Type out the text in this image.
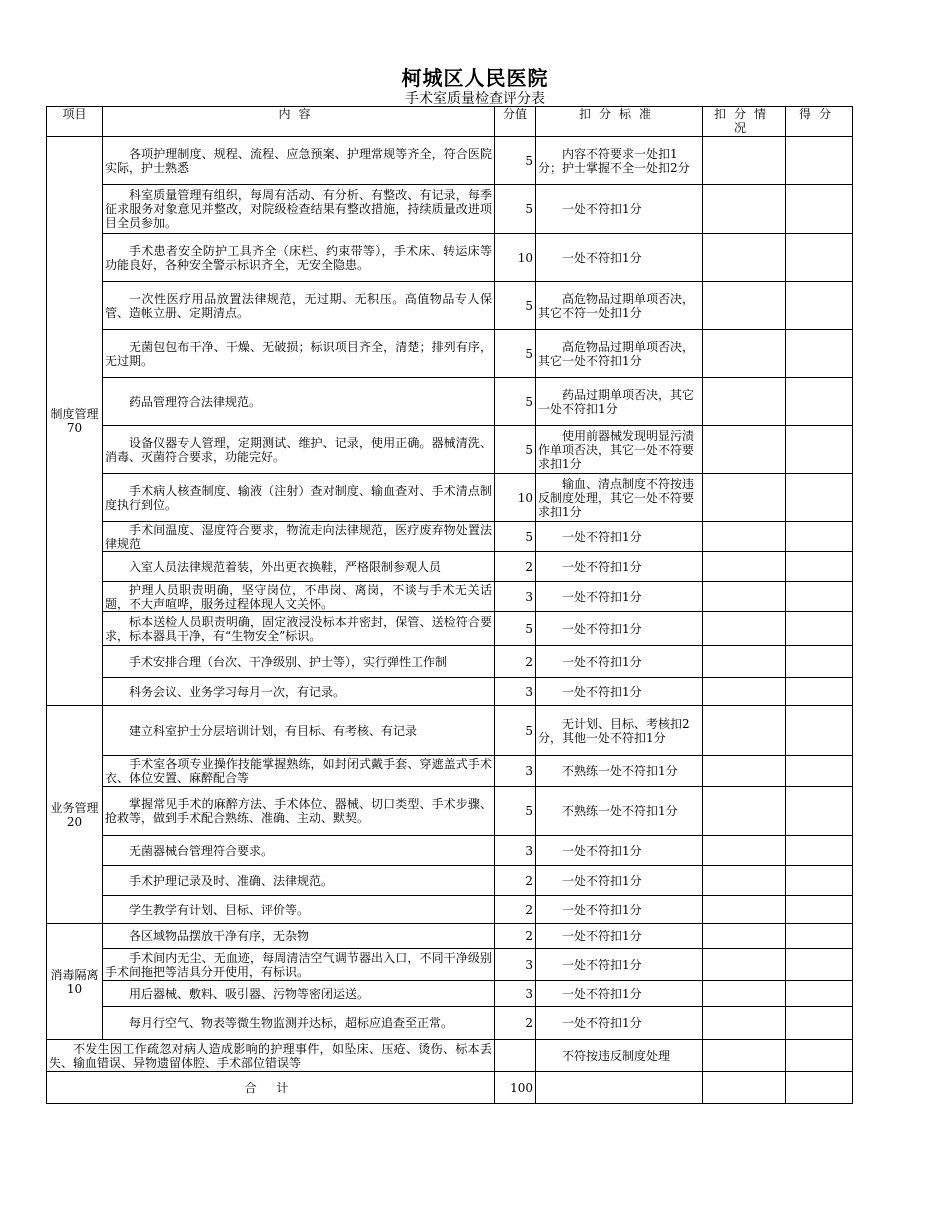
柯城区人民医院
手术室质量检查评分表
项目	内容	分值	扣分标准	扣分情况	得分

制度管理
70	各项护理制度、规程、流程、应急预案、护理常规等齐全，符合医院实际，护士熟悉	5	内容不符要求一处扣1分；护士掌握不全一处扣2分		
	科室质量管理有组织，每周有活动、有分析、有整改、有记录，每季征求服务对象意见并整改，对院级检查结果有整改措施，持续质量改进项目全员参加。	5	一处不符扣1分		
	手术患者安全防护工具齐全（床栏、约束带等），手术床、转运床等功能良好，各种安全警示标识齐全，无安全隐患。	10	一处不符扣1分		
	一次性医疗用品放置法律规范，无过期、无积压。高值物品专人保管、造帐立册、定期清点。	5	高危物品过期单项否决，其它不符一处扣1分		
	无菌包包布干净、干燥、无破损；标识项目齐全，清楚；排列有序，无过期。	5	高危物品过期单项否决，其它一处不符扣1分		
	药品管理符合法律规范。	5	药品过期单项否决，其它一处不符扣1分		
	设备仪器专人管理，定期测试、维护、记录，使用正确。器械清洗、消毒、灭菌符合要求，功能完好。	5	使用前器械发现明显污渍作单项否决，其它一处不符要求扣1分		
	手术病人核查制度、输液（注射）查对制度、输血查对、手术清点制度执行到位。	10	输血、清点制度不符按违反制度处理，其它一处不符要求扣1分		
	手术间温度、湿度符合要求，物流走向法律规范，医疗废弃物处置法律规范	5	一处不符扣1分		
	入室人员法律规范着装，外出更衣换鞋，严格限制参观人员	2	一处不符扣1分		
	护理人员职责明确，坚守岗位，不串岗、离岗，不谈与手术无关话题，不大声喧哗，服务过程体现人文关怀。	3	一处不符扣1分		
	标本送检人员职责明确，固定液浸没标本并密封，保管、送检符合要求，标本器具干净，有“生物安全”标识。	5	一处不符扣1分		
	手术安排合理（台次、干净级别、护士等），实行弹性工作制	2	一处不符扣1分		
	科务会议、业务学习每月一次，有记录。	3	一处不符扣1分		

业务管理
20	建立科室护士分层培训计划，有目标、有考核、有记录	5	无计划、目标、考核扣2分，其他一处不符扣1分		
	手术室各项专业操作技能掌握熟练，如封闭式戴手套、穿遮盖式手术衣、体位安置、麻醉配合等	3	不熟练一处不符扣1分		
	掌握常见手术的麻醉方法、手术体位、器械、切口类型、手术步骤、抢救等，做到手术配合熟练、准确、主动、默契。	5	不熟练一处不符扣1分		
	无菌器械台管理符合要求。	3	一处不符扣1分		
	手术护理记录及时、准确、法律规范。	2	一处不符扣1分		
	学生教学有计划、目标、评价等。	2	一处不符扣1分		

消毒隔离
10	各区域物品摆放干净有序，无杂物	2	一处不符扣1分		
	手术间内无尘、无血迹，每周清洁空气调节器出入口，不同干净级别手术间拖把等洁具分开使用，有标识。	3	一处不符扣1分		
	用后器械、敷料、吸引器、污物等密闭运送。	3	一处不符扣1分		
	每月行空气、物表等微生物监测并达标，超标应追查至正常。	2	一处不符扣1分		
不发生因工作疏忽对病人造成影响的护理事件，如坠床、压疮、烫伤、标本丢失、输血错误、异物遗留体腔、手术部位错误等			不符按违反制度处理		
合 计		100			
